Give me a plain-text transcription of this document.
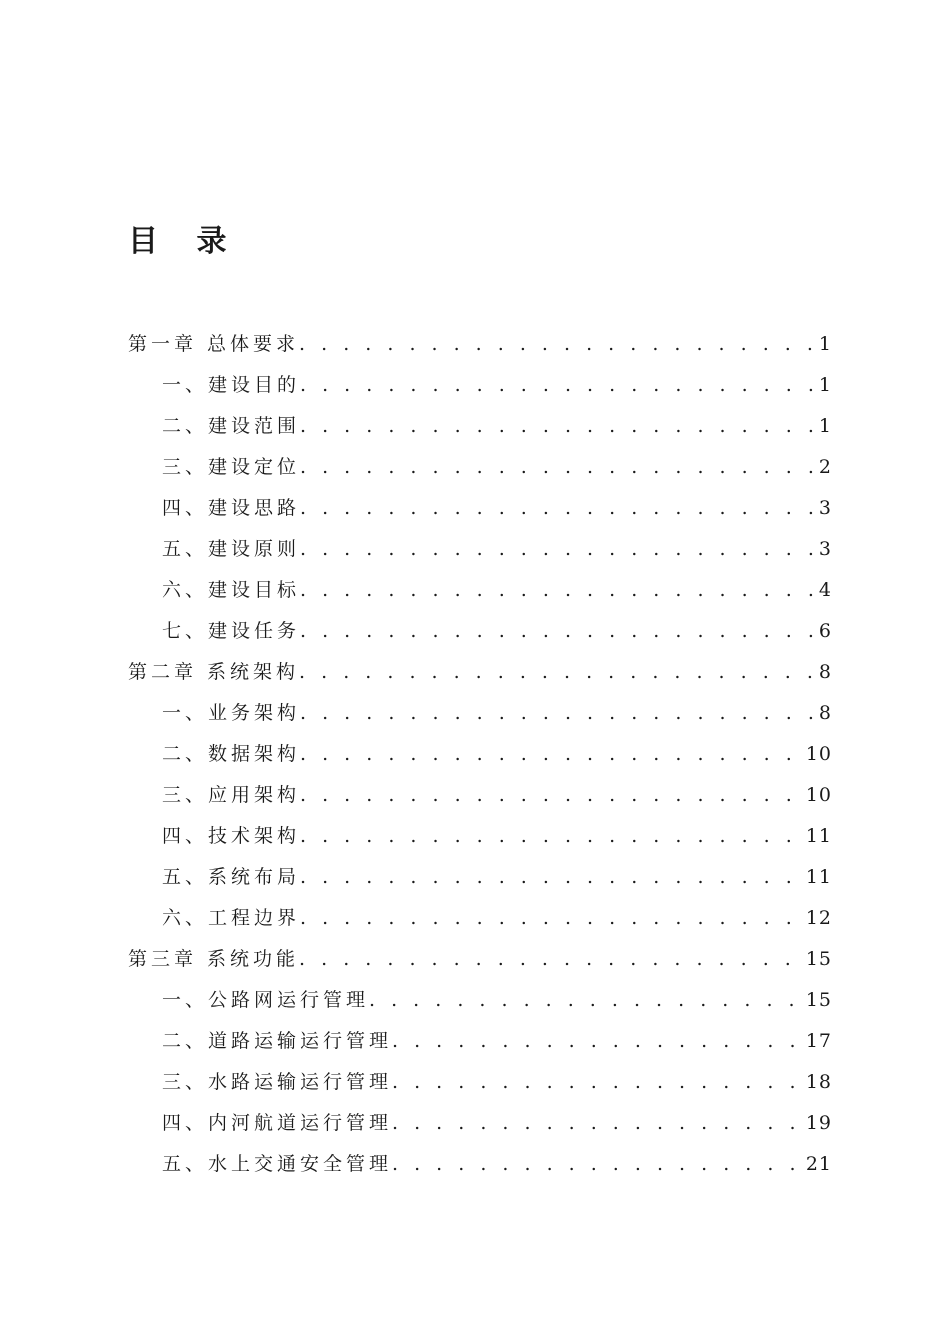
目 录
第一章 总体要求 . . .	1
一、建设目的 . . .	1
二、建设范围 . . .	1
三、建设定位 . . .	2
四、建设思路 . . .	3
五、建设原则 . . .	3
六、建设目标 . . .	4
七、建设任务 . . .	6
第二章 系统架构 . . .	8
一、业务架构 . . .	8
二、数据架构 . . .	10
三、应用架构 . . .	10
四、技术架构 . . .	11
五、系统布局 . . .	11
六、工程边界 . . .	12
第三章 系统功能 . . .	15
一、公路网运行管理 . . .	15
二、道路运输运行管理 . . .	17
三、水路运输运行管理 . . .	18
四、内河航道运行管理 . . .	19
五、水上交通安全管理 . . .	21
